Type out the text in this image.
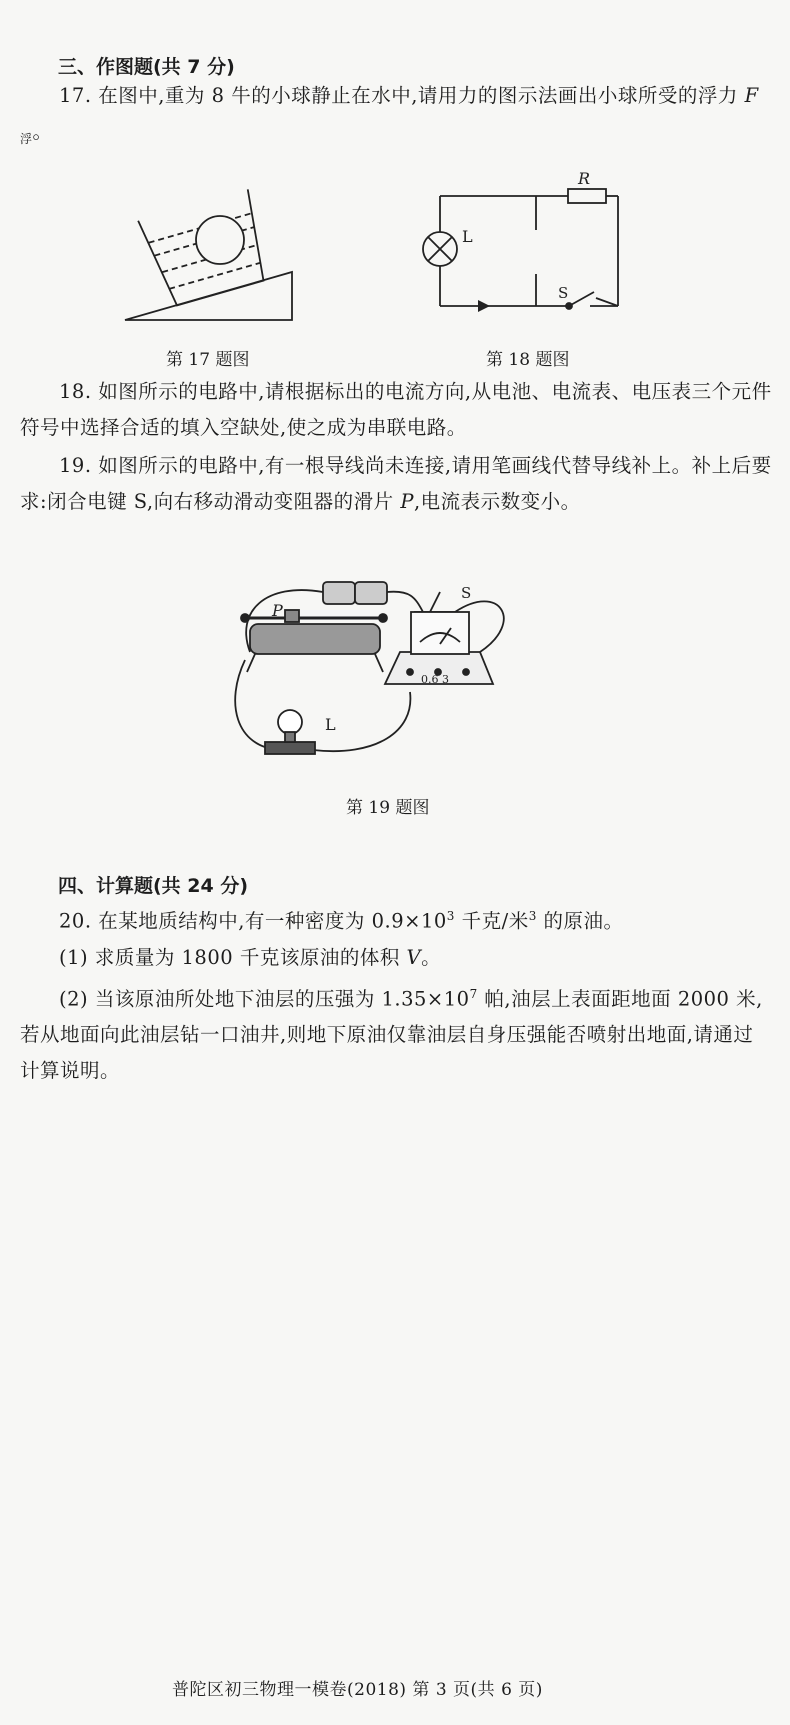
三、作图题(共 7 分)

17. 在图中,重为 8 牛的小球静止在水中,请用力的图示法画出小球所受的浮力 $F_浮$。

第 17 题图
R
L
S
第 18 题图

18. 如图所示的电路中,请根据标出的电流方向,从电池、电流表、电压表三个元件符号中选择合适的填入空缺处,使之成为串联电路。

19. 如图所示的电路中,有一根导线尚未连接,请用笔画线代替导线补上。补上后要求:闭合电键 S,向右移动滑动变阻器的滑片 P,电流表示数变小。

P
S
L
0.6 3
第 19 题图
四、计算题(共 24 分)

20. 在某地质结构中,有一种密度为 $0.9\times 10^3$ 千克/米$^3$ 的原油。

(1) 求质量为 1800 千克该原油的体积 V。

(2) 当该原油所处地下油层的压强为 $1.35\times 10^7$ 帕,油层上表面距地面 2000 米,若从地面向此油层钻一口油井,则地下原油仅靠油层自身压强能否喷射出地面,请通过计算说明。

普陀区初三物理一模卷(2018) 第 3 页(共 6 页)
